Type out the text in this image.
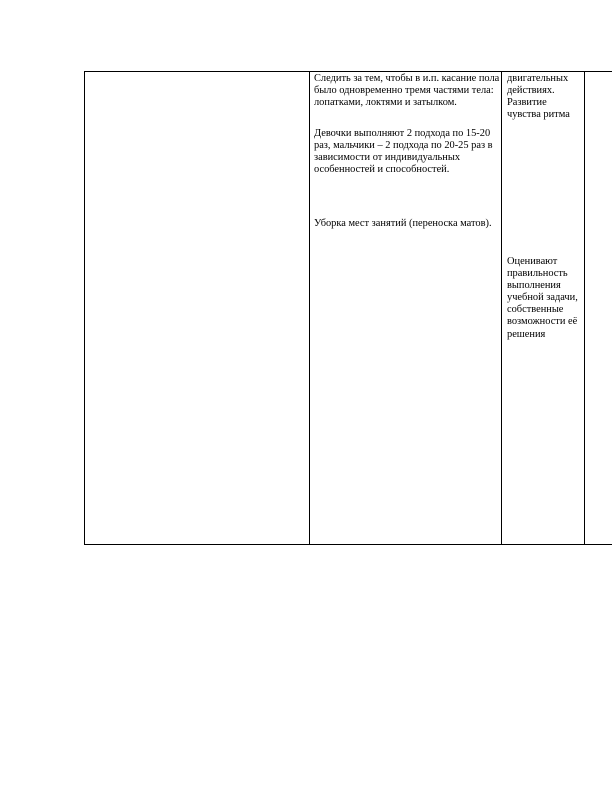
Следить за тем, чтобы в и.п. касание пола было одновременно тремя частями тела: лопатками, локтями и затылком.

Девочки выполняют 2 подхода по 15-20 раз, мальчики – 2 подхода по 20-25 раз в зависимости от индивидуальных особенностей и способностей.

Уборка мест занятий (переноска матов).

двигательных действиях. Развитие чувства ритма

Оценивают правильность выполнения учебной задачи, собственные возможности её решения
